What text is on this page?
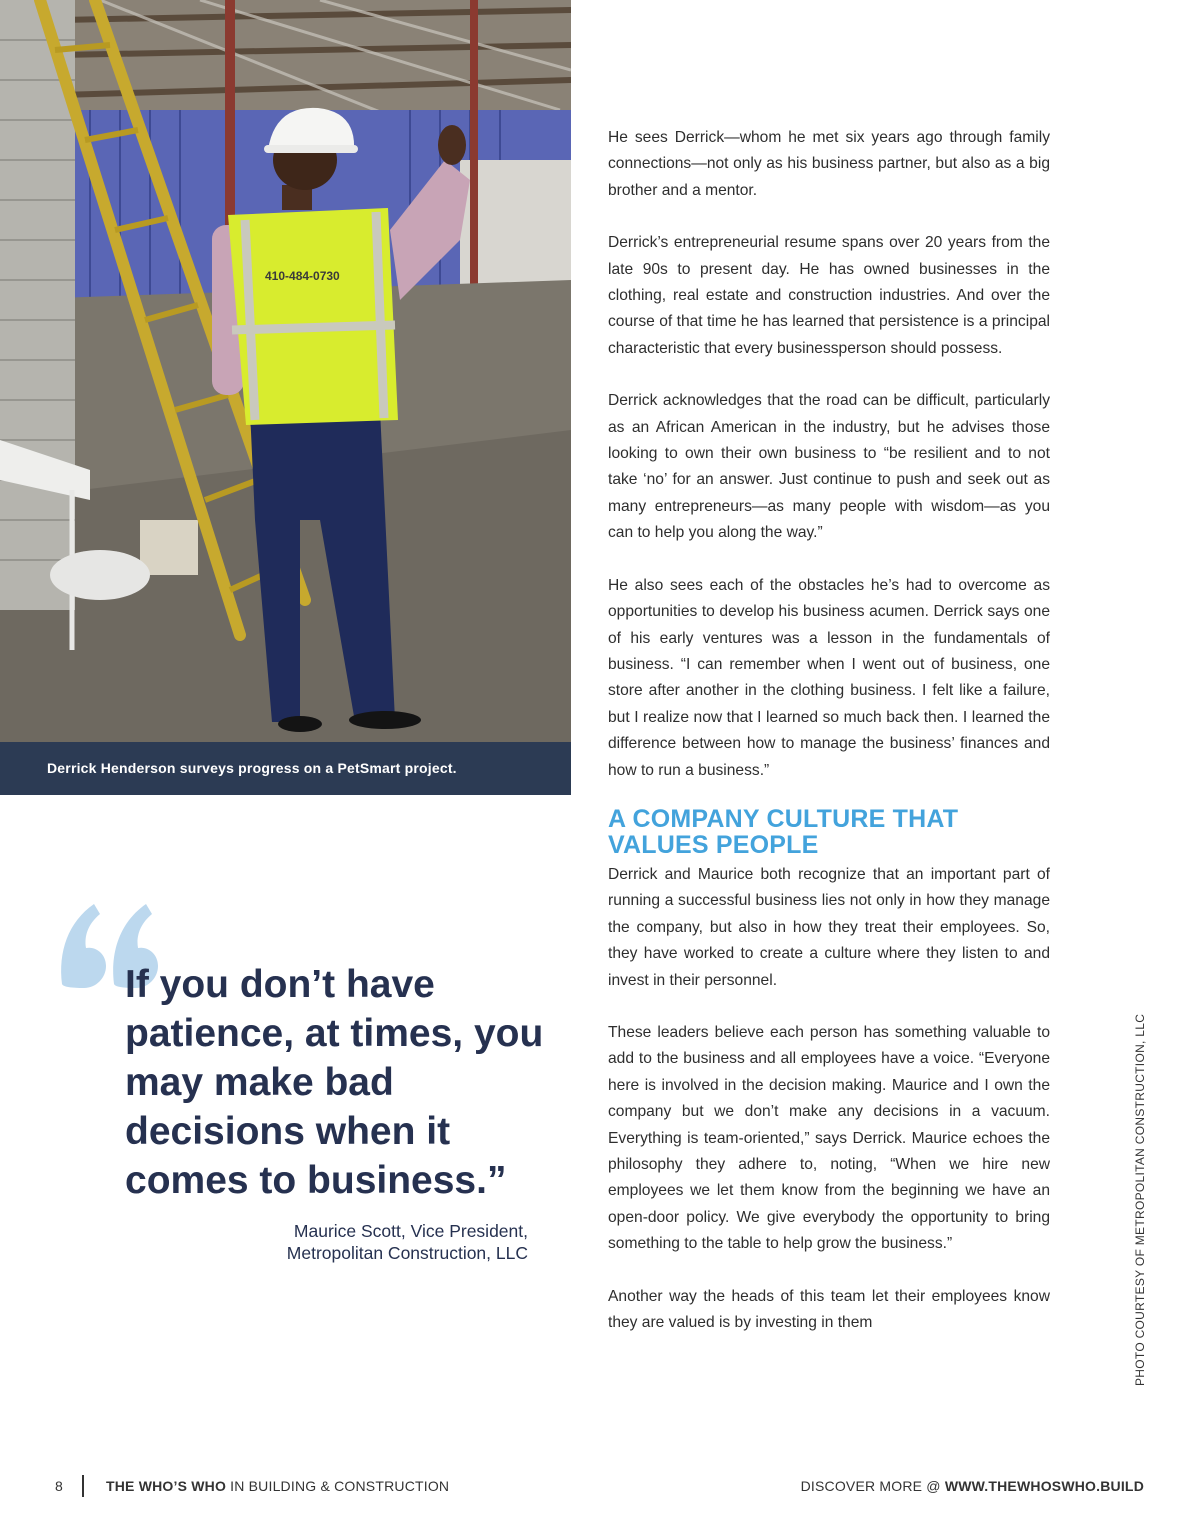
410-484-0730
Derrick Henderson surveys progress on a PetSmart project.

He sees Derrick—whom he met six years ago through family connections—not only as his business partner, but also as a big brother and a mentor.

Derrick’s entrepreneurial resume spans over 20 years from the late 90s to present day. He has owned businesses in the clothing, real estate and construction industries. And over the course of that time he has learned that persistence is a principal characteristic that every businessperson should possess.

Derrick acknowledges that the road can be difficult, particularly as an African American in the industry, but he advises those looking to own their own business to “be resilient and to not take ‘no’ for an answer. Just continue to push and seek out as many entrepreneurs—as many people with wisdom—as you can to help you along the way.”

He also sees each of the obstacles he’s had to overcome as opportunities to develop his business acumen. Derrick says one of his early ventures was a lesson in the fundamentals of business. “I can remember when I went out of business, one store after another in the clothing business. I felt like a failure, but I realize now that I learned so much back then. I learned the difference between how to manage the business’ finances and how to run a business.”

A COMPANY CULTURE THAT VALUES PEOPLE

Derrick and Maurice both recognize that an important part of running a successful business lies not only in how they manage the company, but also in how they treat their employees. So, they have worked to create a culture where they listen to and invest in their personnel.

These leaders believe each person has something valuable to add to the business and all employees have a voice. “Everyone here is involved in the decision making. Maurice and I own the company but we don’t make any decisions in a vacuum. Everything is team-oriented,” says Derrick. Maurice echoes the philosophy they adhere to, noting, “When we hire new employees we let them know from the beginning we have an open-door policy. We give everybody the opportunity to bring something to the table to help grow the business.”

Another way the heads of this team let their employees know they are valued is by investing in them

If you don’t have patience, at times, you may make bad decisions when it comes to business.”

Maurice Scott, Vice President,
Metropolitan Construction, LLC	PHOTO COURTESY OF METROPOLITAN CONSTRUCTION, LLC
8	THE WHO’S WHO IN BUILDING & CONSTRUCTION	DISCOVER MORE @ WWW.THEWHOSWHO.BUILD
